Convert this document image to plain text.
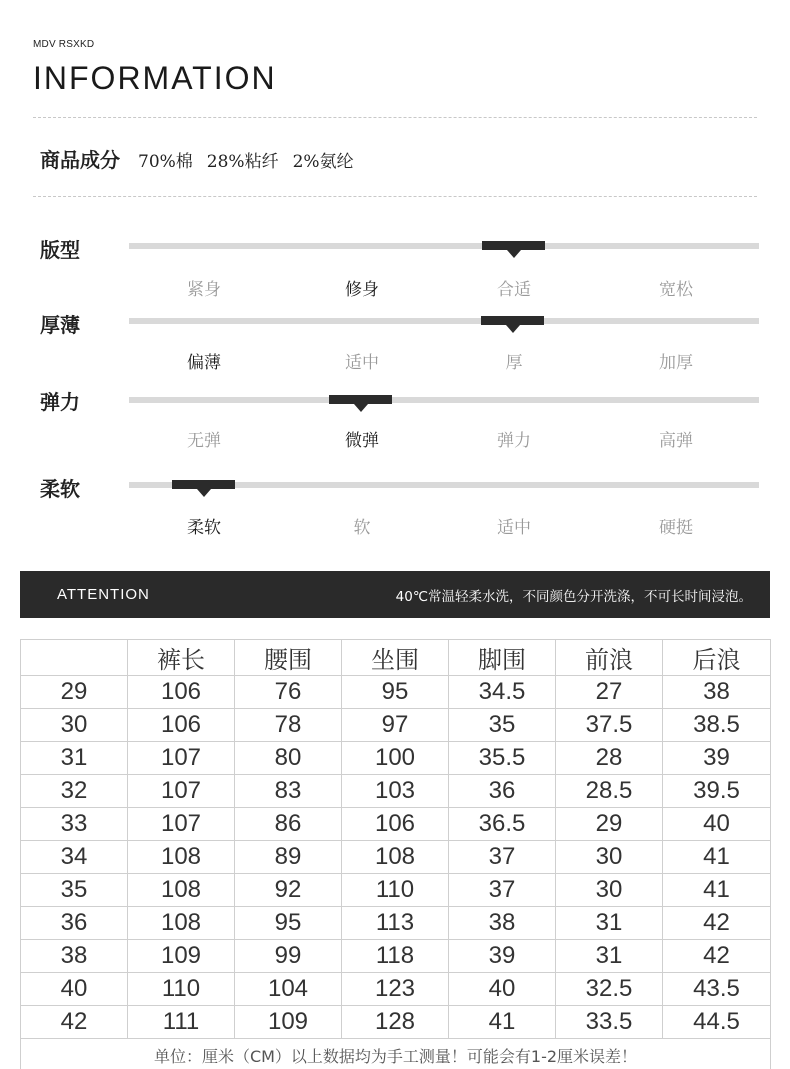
MDV RSXKD
INFORMATION
商品成分 70%棉 28%粘纤 2%氨纶
版型
紧身	修身	合适	宽松
厚薄
偏薄	适中	厚	加厚
弹力
无弹	微弹	弹力	高弹
柔软
柔软	软	适中	硬挺
ATTENTION	40℃常温轻柔水洗，不同颜色分开洗涤，不可长时间浸泡。
	裤长	腰围	坐围	脚围	前浪	后浪
29	106	76	95	34.5	27	38
30	106	78	97	35	37.5	38.5
31	107	80	100	35.5	28	39
32	107	83	103	36	28.5	39.5
33	107	86	106	36.5	29	40
34	108	89	108	37	30	41
35	108	92	110	37	30	41
36	108	95	113	38	31	42
38	109	99	118	39	31	42
40	110	104	123	40	32.5	43.5
42	111	109	128	41	33.5	44.5
单位：厘米（CM）以上数据均为手工测量！可能会有1-2厘米误差！						
